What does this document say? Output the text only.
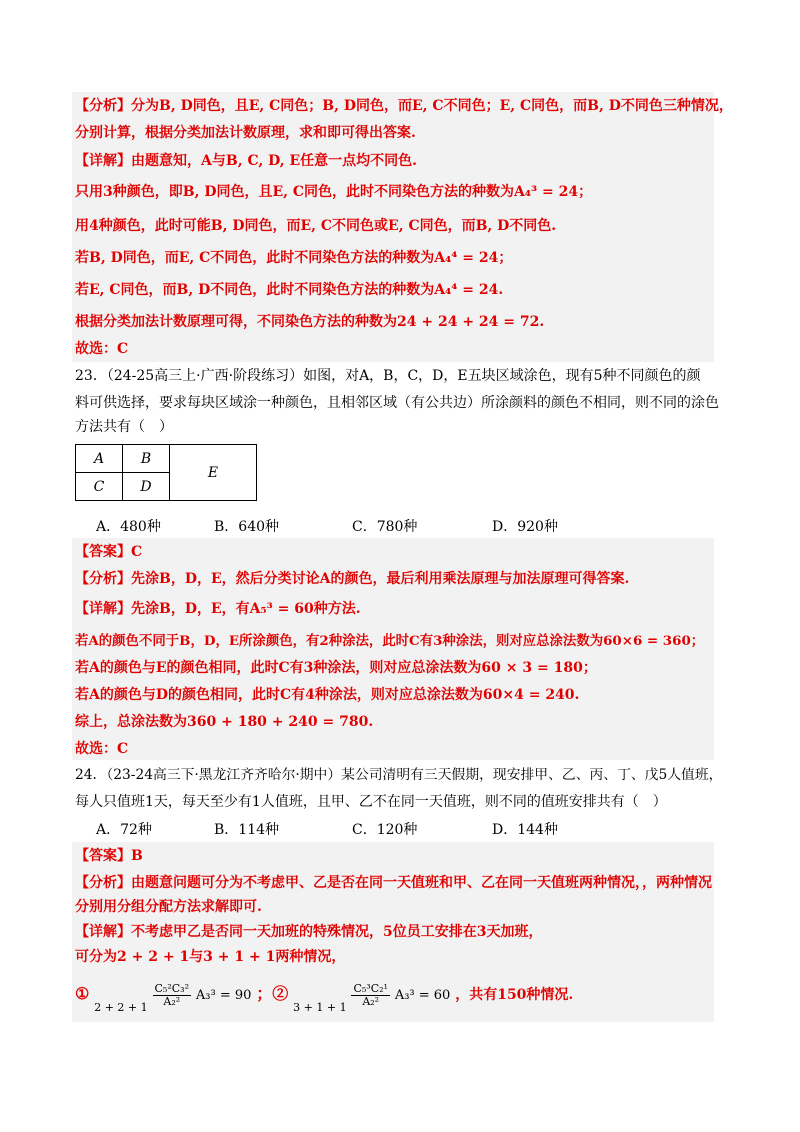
【分析】分为B, D同色，且E, C同色；B, D同色，而E, C不同色；E, C同色，而B, D不同色三种情况，
分别计算，根据分类加法计数原理，求和即可得出答案.
【详解】由题意知，A与B, C, D, E任意一点均不同色.
只用3种颜色，即B, D同色，且E, C同色，此时不同染色方法的种数为A₄³ = 24；
用4种颜色，此时可能B, D同色，而E, C不同色或E, C同色，而B, D不同色.
若B, D同色，而E, C不同色，此时不同染色方法的种数为A₄⁴ = 24；
若E, C同色，而B, D不同色，此时不同染色方法的种数为A₄⁴ = 24.
根据分类加法计数原理可得，不同染色方法的种数为24 + 24 + 24 = 72.
故选：C
23．（24-25高三上·广西·阶段练习）如图，对A，B，C，D，E五块区域涂色，现有5种不同颜色的颜
料可供选择，要求每块区域涂一种颜色，且相邻区域（有公共边）所涂颜料的颜色不相同，则不同的涂色
方法共有（　）
A	B	E
C	D	
A．480种	B．640种	C．780种	D．920种
【答案】C
【分析】先涂B，D，E，然后分类讨论A的颜色，最后利用乘法原理与加法原理可得答案.
【详解】先涂B，D，E，有A₅³ = 60种方法.
若A的颜色不同于B，D，E所涂颜色，有2种涂法，此时C有3种涂法，则对应总涂法数为60×6 = 360；
若A的颜色与E的颜色相同，此时C有3种涂法，则对应总涂法数为60 × 3 = 180；
若A的颜色与D的颜色相同，此时C有4种涂法，则对应总涂法数为60×4 = 240.
综上，总涂法数为360 + 180 + 240 = 780.
故选：C
24．（23-24高三下·黑龙江齐齐哈尔·期中）某公司清明有三天假期，现安排甲、乙、丙、丁、戊5人值班，
每人只值班1天，每天至少有1人值班，且甲、乙不在同一天值班，则不同的值班安排共有（　）
A．72种	B．114种	C．120种	D．144种
【答案】B
【分析】由题意问题可分为不考虑甲、乙是否在同一天值班和甲、乙在同一天值班两种情况，，两种情况
分别用分组分配方法求解即可.
【详解】不考虑甲乙是否同一天加班的特殊情况，5位员工安排在3天加班，
可分为2 + 2 + 1与3 + 1 + 1两种情况，
① $_{2 + 2 + 1} \frac{\text{C₅²C₃²}}{\text{A₂²}} A_3^3 = 90$ ；② $_{3 + 1 + 1} \frac{\text{C₅³C₂¹}}{\text{A₂²}} A_3^3 = 60$ ，共有150种情况.
